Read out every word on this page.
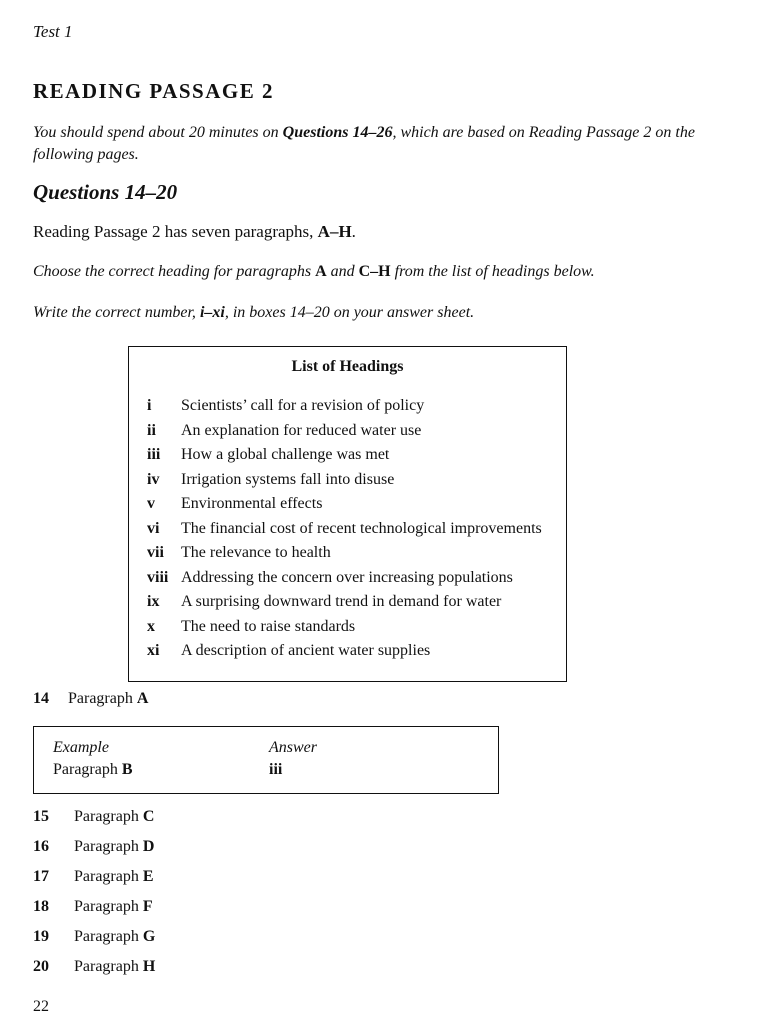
Test 1
READING PASSAGE 2
You should spend about 20 minutes on Questions 14–26, which are based on Reading Passage 2 on the following pages.
Questions 14–20
Reading Passage 2 has seven paragraphs, A–H.
Choose the correct heading for paragraphs A and C–H from the list of headings below.
Write the correct number, i–xi, in boxes 14–20 on your answer sheet.
List of Headings
i Scientists’ call for a revision of policy
ii An explanation for reduced water use
iii How a global challenge was met
iv Irrigation systems fall into disuse
v Environmental effects
vi The financial cost of recent technological improvements
vii The relevance to health
viii Addressing the concern over increasing populations
ix A surprising downward trend in demand for water
x The need to raise standards
xi A description of ancient water supplies
14 Paragraph A
Example
Paragraph B
Answer
iii
15 Paragraph C
16 Paragraph D
17 Paragraph E
18 Paragraph F
19 Paragraph G
20 Paragraph H
22
